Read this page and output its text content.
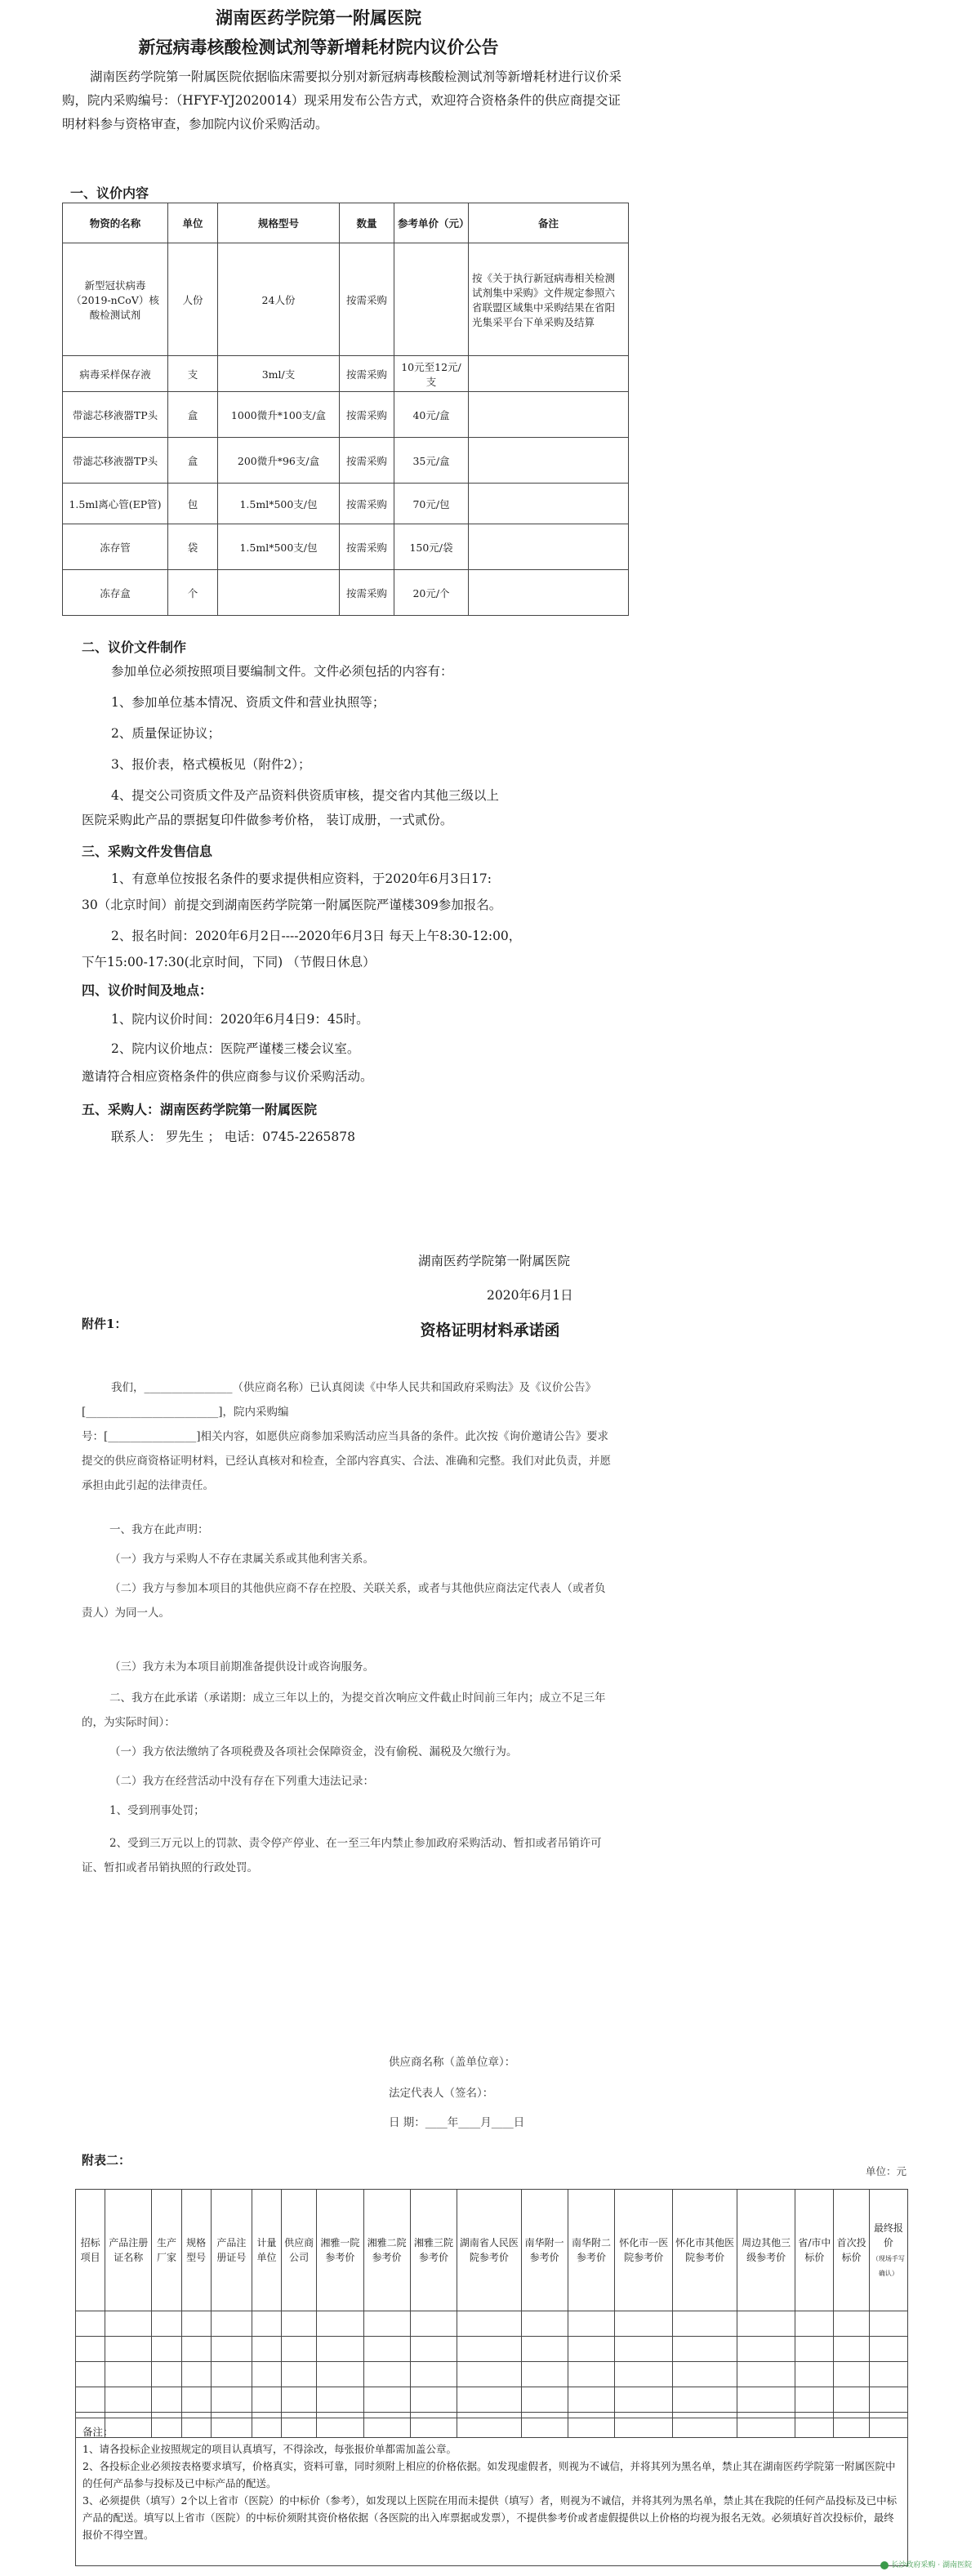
湖南医药学院第一附属医院
新冠病毒核酸检测试剂等新增耗材院内议价公告
湖南医药学院第一附属医院依据临床需要拟分别对新冠病毒核酸检测试剂等新增耗材进行议价采购，院内采购编号：（HFYF-YJ2020014）现采用发布公告方式，欢迎符合资格条件的供应商提交证明材料参与资格审查，参加院内议价采购活动。
一、议价内容
物资的名称	单位	规格型号	数量	参考单价（元）	备注
新型冠状病毒（2019-nCoV）核酸检测试剂	人份	24人份	按需采购		按《关于执行新冠病毒相关检测试剂集中采购》文件规定参照六省联盟区域集中采购结果在省阳光集采平台下单采购及结算
病毒采样保存液	支	3ml/支	按需采购	10元至12元/支	
带滤芯移液器TP头	盒	1000微升*100支/盒	按需采购	40元/盒	
带滤芯移液器TP头	盒	200微升*96支/盒	按需采购	35元/盒	
1.5ml离心管(EP管)	包	1.5ml*500支/包	按需采购	70元/包	
冻存管	袋	1.5ml*500支/包	按需采购	150元/袋	
冻存盒	个		按需采购	20元/个	
二、议价文件制作
参加单位必须按照项目要编制文件。文件必须包括的内容有：
1、参加单位基本情况、资质文件和营业执照等；
2、质量保证协议；
3、报价表，格式模板见（附件2）；
4、提交公司资质文件及产品资料供资质审核，提交省内其他三级以上
医院采购此产品的票据复印件做参考价格， 装订成册，一式贰份。
三、采购文件发售信息
1、有意单位按报名条件的要求提供相应资料，于2020年6月3日17:
30（北京时间）前提交到湖南医药学院第一附属医院严谨楼309参加报名。
2、报名时间：2020年6月2日----2020年6月3日 每天上午8:30-12:00，
下午15:00-17:30(北京时间，下同) （节假日休息）
四、议价时间及地点：
1、院内议价时间：2020年6月4日9：45时。
2、院内议价地点：医院严谨楼三楼会议室。
邀请符合相应资格条件的供应商参与议价采购活动。
五、采购人：湖南医药学院第一附属医院
联系人： 罗先生 ； 电话：0745-2265878
湖南医药学院第一附属医院
2020年6月1日
附件1：	资格证明材料承诺函
我们，________________（供应商名称）已认真阅读《中华人民共和国政府采购法》及《议价公告》[________________________]，院内采购编
号：[________________]相关内容，如愿供应商参加采购活动应当具备的条件。此次按《询价邀请公告》要求提交的供应商资格证明材料，已经认真核对和检查，全部内容真实、合法、准确和完整。我们对此负责，并愿承担由此引起的法律责任。
一、我方在此声明：
（一）我方与采购人不存在隶属关系或其他利害关系。
（二）我方与参加本项目的其他供应商不存在控股、关联关系，或者与其他供应商法定代表人（或者负责人）为同一人。
（三）我方未为本项目前期准备提供设计或咨询服务。
二、我方在此承诺（承诺期：成立三年以上的，为提交首次响应文件截止时间前三年内；成立不足三年的，为实际时间）：
（一）我方依法缴纳了各项税费及各项社会保障资金，没有偷税、漏税及欠缴行为。
（二）我方在经营活动中没有存在下列重大违法记录：
1、受到刑事处罚；
2、受到三万元以上的罚款、责令停产停业、在一至三年内禁止参加政府采购活动、暂扣或者吊销许可证、暂扣或者吊销执照的行政处罚。
供应商名称（盖单位章）：
法定代表人（签名）：
日 期：____年____月____日
附表二：
单位：元
招标项目	产品注册证名称	生产厂家	规格型号	产品注册证号	计量单位	供应商公司	湘雅一院参考价	湘雅二院参考价	湘雅三院参考价	湖南省人民医院参考价	南华附一参考价	南华附二参考价	怀化市一医院参考价	怀化市其他医院参考价	周边其他三级参考价	省/市中标价	首次投标价	最终报价
（现场手写确认）

备注：
1、请各投标企业按照规定的项目认真填写，不得涂改，每张报价单都需加盖公章。
2、各投标企业必须按表格要求填写，价格真实，资料可靠，同时须附上相应的价格依据。如发现虚假者，则视为不诚信，并将其列为黑名单，禁止其在湖南医药学院第一附属医院中的任何产品参与投标及已中标产品的配送。
3、必须提供（填写）2个以上省市（医院）的中标价（参考），如发现以上医院在用而未提供（填写）者，则视为不诚信，并将其列为黑名单，禁止其在我院的任何产品投标及已中标产品的配送。填写以上省市（医院）的中标价须附其资价格依据（各医院的出入库票据或发票），不提供参考价或者虚假提供以上价格的均视为报名无效。必须填好首次投标价，最终报价不得空置。
长沙政府采购 · 湖南医院
